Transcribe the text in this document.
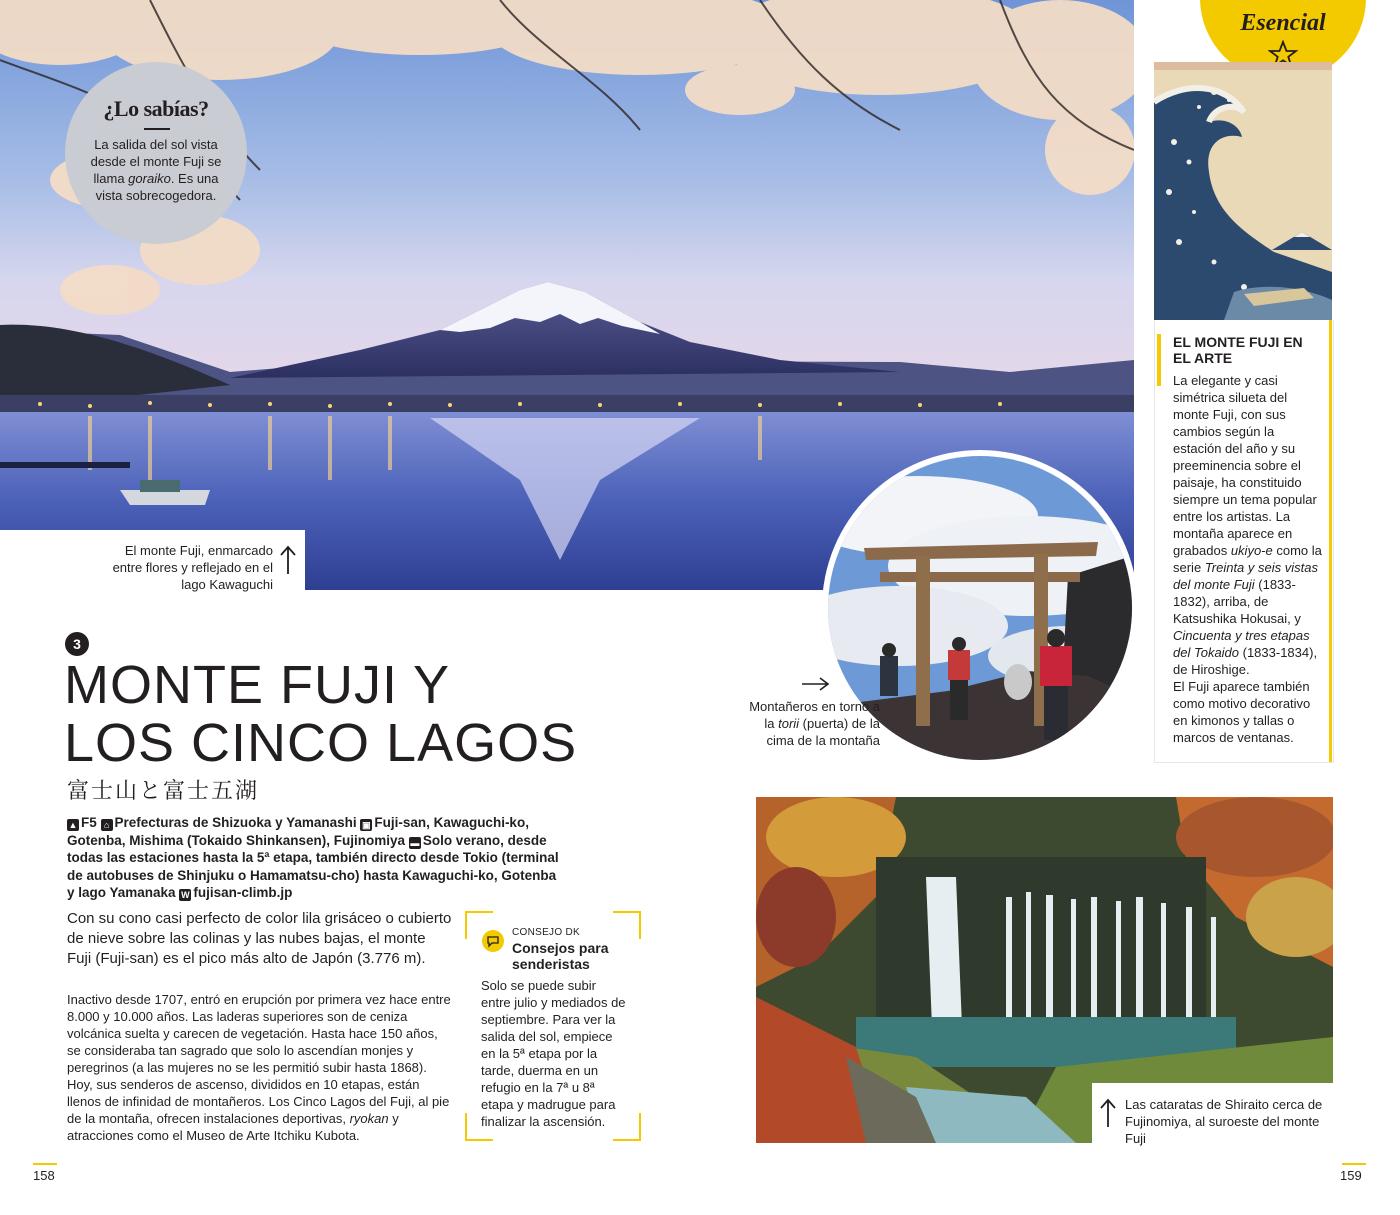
El monte Fuji, enmarcado entre flores y reflejado en el lago Kawaguchi
¿Lo sabías?
La salida del sol vista desde el monte Fuji se llama goraiko. Es una vista sobrecogedora.
Esencial
EL MONTE FUJI EN EL ARTE
La elegante y casi simétrica silueta del monte Fuji, con sus cambios según la estación del año y su preeminencia sobre el paisaje, ha constituido siempre un tema popular entre los artistas. La montaña aparece en grabados ukiyo-e como la serie Treinta y seis vistas del monte Fuji (1833-1832), arriba, de Katsushika Hokusai, y Cincuenta y tres etapas del Tokaido (1833-1834), de Hiroshige.
El Fuji aparece también como motivo decorativo en kimonos y tallas o marcos de ventanas.
Montañeros en torno a la torii (puerta) de la cima de la montaña
3
MONTE FUJI Y
LOS CINCO LAGOS
富士山と富士五湖
▲ F5 ⌂ Prefecturas de Shizuoka y Yamanashi ▣ Fuji-san, Kawaguchi-ko, Gotenba, Mishima (Tokaido Shinkansen), Fujinomiya ▬ Solo verano, desde todas las estaciones hasta la 5ª etapa, también directo desde Tokio (terminal de autobuses de Shinjuku o Hamamatsu-cho) hasta Kawaguchi-ko, Gotenba y lago Yamanaka W fujisan-climb.jp
Con su cono casi perfecto de color lila grisáceo o cubierto de nieve sobre las colinas y las nubes bajas, el monte Fuji (Fuji-san) es el pico más alto de Japón (3.776 m).
Inactivo desde 1707, entró en erupción por primera vez hace entre 8.000 y 10.000 años. Las laderas superiores son de ceniza volcánica suelta y carecen de vegetación. Hasta hace 150 años, se consideraba tan sagrado que solo lo ascendían monjes y peregrinos (a las mujeres no se les permitió subir hasta 1868). Hoy, sus senderos de ascenso, divididos en 10 etapas, están llenos de infinidad de montañeros. Los Cinco Lagos del Fuji, al pie de la montaña, ofrecen instalaciones deportivas, ryokan y atracciones como el Museo de Arte Itchiku Kubota.
CONSEJO DK
Consejos para senderistas
Solo se puede subir entre julio y mediados de septiembre. Para ver la salida del sol, empiece en la 5ª etapa por la tarde, duerma en un refugio en la 7ª u 8ª etapa y madrugue para finalizar la ascensión.
Las cataratas de Shiraito cerca de Fujinomiya, al suroeste del monte Fuji
158	159
